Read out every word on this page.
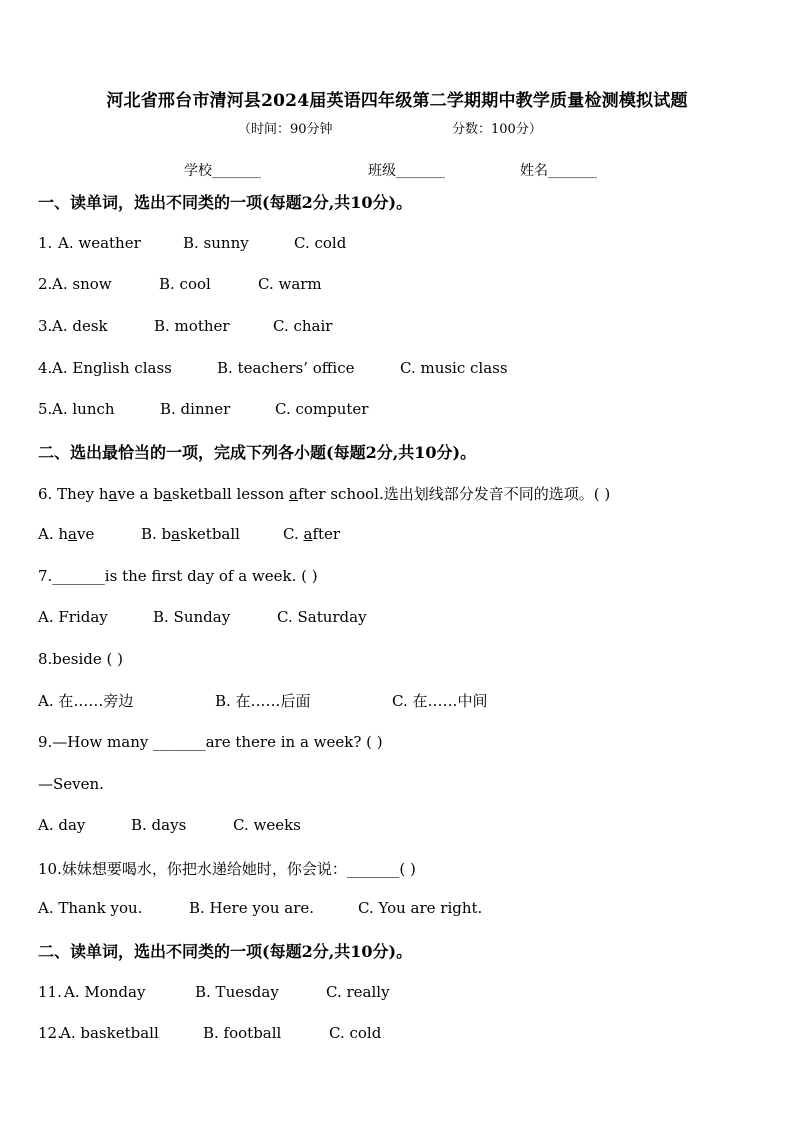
河北省邢台市清河县2024届英语四年级第二学期期中教学质量检测模拟试题
（时间：90分钟	分数：100分）
学校_______	班级_______	姓名_______
一、读单词，选出不同类的一项(每题2分,共10分)。
1. A. weather	B. sunny	C. cold
2. A. snow	B. cool	C. warm
3. A. desk	B. mother	C. chair
4. A. English class	B. teachers’ office	C. music class
5. A. lunch	B. dinner	C. computer
二、选出最恰当的一项，完成下列各小题(每题2分,共10分)。
6. They have a basketball lesson after school.选出划线部分发音不同的选项。( )
A. have	B. basketball	C. after
7._______is the first day of a week. ( )
A. Friday	B. Sunday	C. Saturday
8.beside ( )
A. 在……旁边	B. 在……后面	C. 在……中间
9.—How many _______are there in a week? ( )
—Seven.
A. day	B. days	C. weeks
10.妹妹想要喝水，你把水递给她时，你会说：_______( )
A. Thank you.	B. Here you are.	C. You are right.
二、读单词，选出不同类的一项(每题2分,共10分)。
11. A. Monday	B. Tuesday	C. really
12.
A. basketball	B. football	C. cold
